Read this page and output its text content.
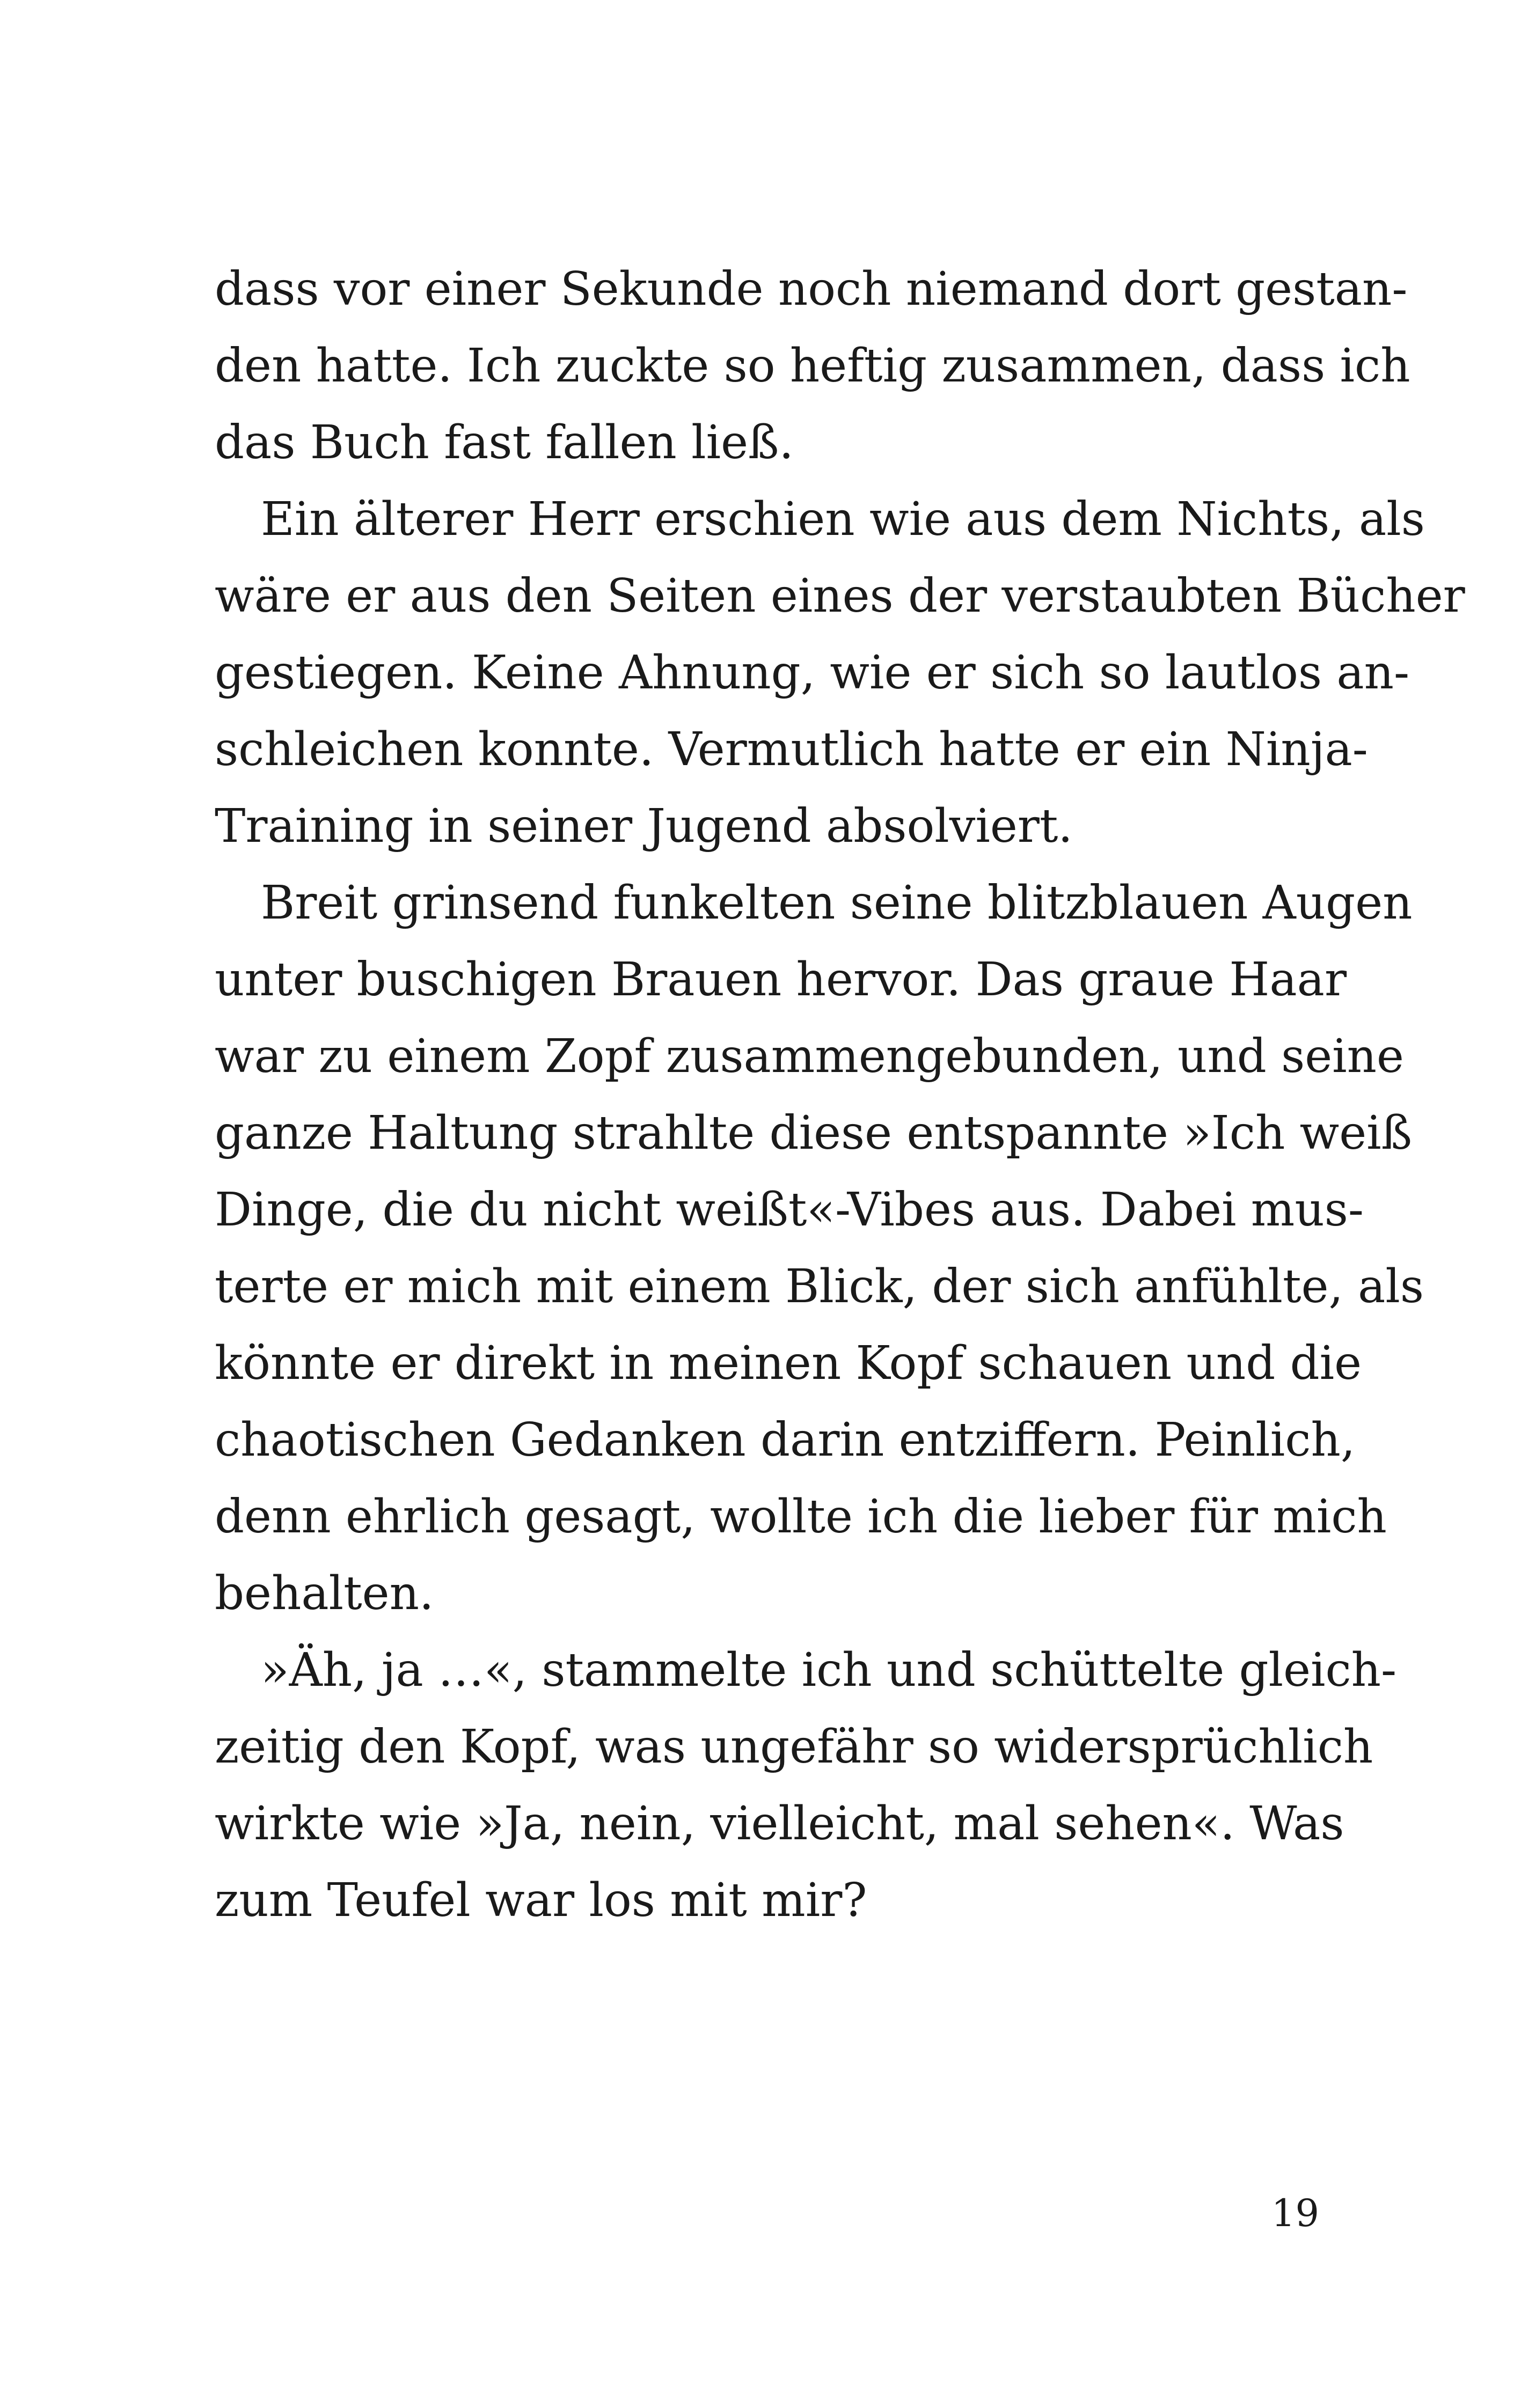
dass vor einer Sekunde noch niemand dort gestan-
den hatte. Ich zuckte so heftig zusammen, dass ich
das Buch fast fallen ließ.
Ein älterer Herr erschien wie aus dem Nichts, als
wäre er aus den Seiten eines der verstaubten Bücher
gestiegen. Keine Ahnung, wie er sich so lautlos an-
schleichen konnte. Vermutlich hatte er ein Ninja-
Training in seiner Jugend absolviert.
Breit grinsend funkelten seine blitzblauen Augen
unter buschigen Brauen hervor. Das graue Haar
war zu einem Zopf zusammengebunden, und seine
ganze Haltung strahlte diese entspannte »Ich weiß
Dinge, die du nicht weißt«-Vibes aus. Dabei mus-
terte er mich mit einem Blick, der sich anfühlte, als
könnte er direkt in meinen Kopf schauen und die
chaotischen Gedanken darin entziffern. Peinlich,
denn ehrlich gesagt, wollte ich die lieber für mich
behalten.
»Äh, ja …«, stammelte ich und schüttelte gleich-
zeitig den Kopf, was ungefähr so widersprüchlich
wirkte wie »Ja, nein, vielleicht, mal sehen«. Was
zum Teufel war los mit mir?
19
